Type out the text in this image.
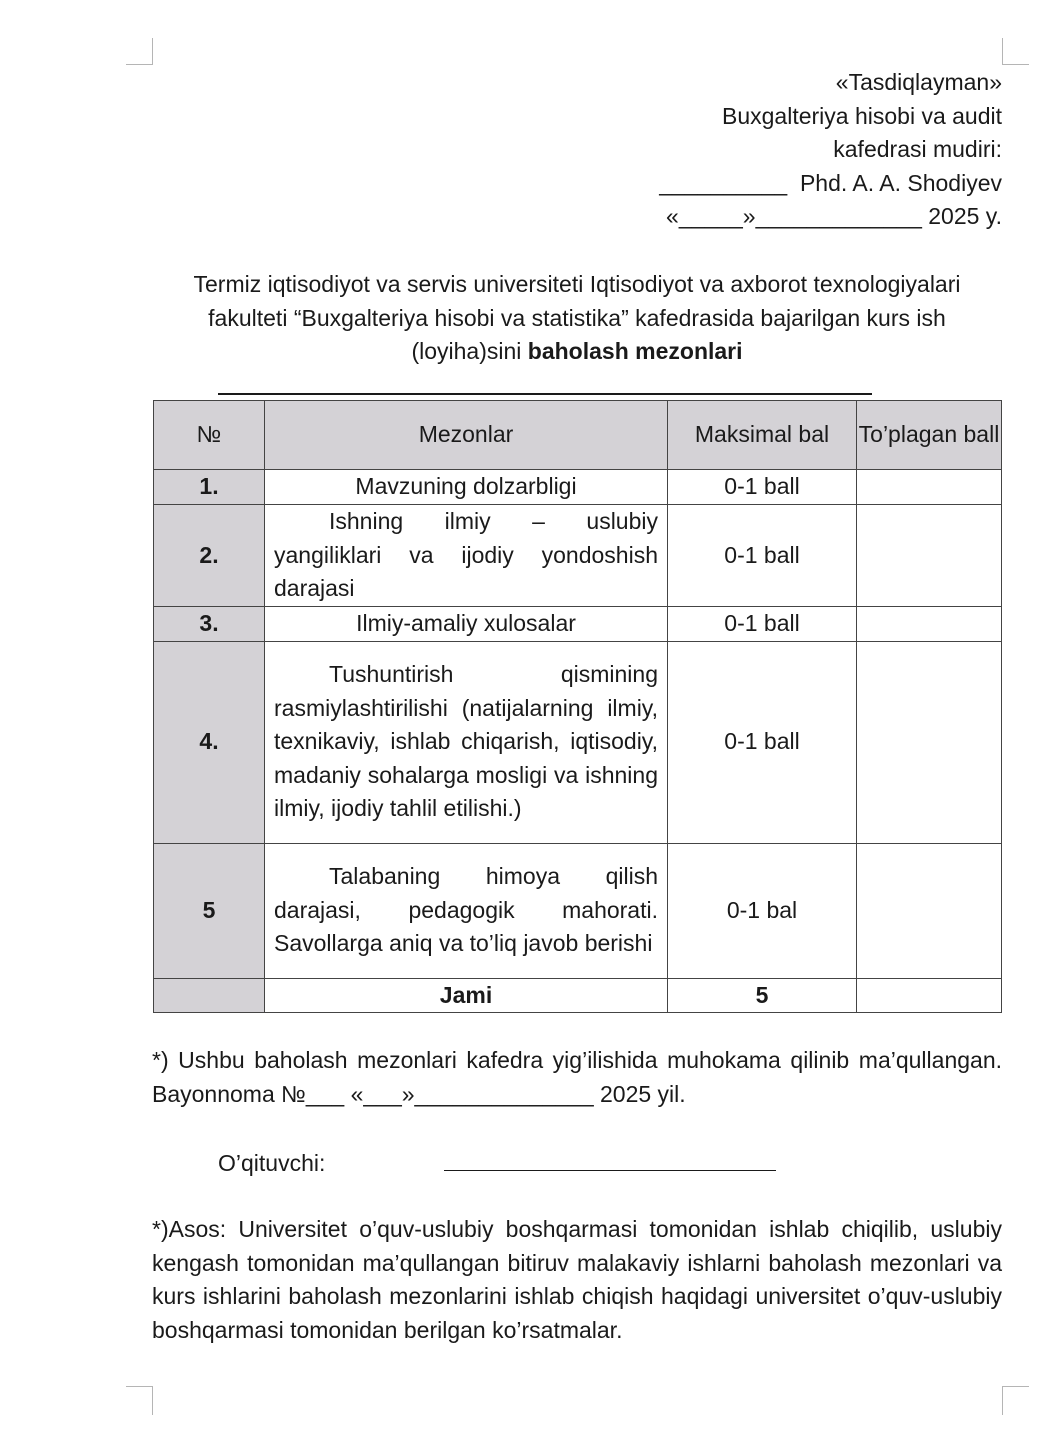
«Tasdiqlayman»
Buxgalteriya hisobi va audit
kafedrasi mudiri:
__________  Phd. A. A. Shodiyev
«_____»_____________ 2025 y.
Termiz iqtisodiyot va servis universiteti Iqtisodiyot va axborot texnologiyalari fakulteti “Buxgalteriya hisobi va statistika” kafedrasida bajarilgan kurs ish (loyiha)sini baholash mezonlari
№	Mezonlar	Maksimal bal	To’plagan ball
1.	Mavzuning dolzarbligi	0-1 ball	
2.	Ishning ilmiy – uslubiy yangiliklari va ijodiy yondoshish darajasi	0-1 ball	
3.	Ilmiy-amaliy xulosalar	0-1 ball	
4.	Tushuntirish qismining rasmiylashtirilishi (natijalarning ilmiy, texnikaviy, ishlab chiqarish, iqtisodiy, madaniy sohalarga mosligi va ishning ilmiy, ijodiy tahlil etilishi.)	0-1 ball	
5	Talabaning himoya qilish darajasi, pedagogik mahorati. Savollarga aniq va to’liq javob berishi	0-1 bal	
	Jami	5	
*) Ushbu baholash mezonlari kafedra yig’ilishida muhokama qilinib ma’qullangan. Bayonnoma №___ «___»______________ 2025 yil.
O’qituvchi:
*)Asos: Universitet o’quv-uslubiy boshqarmasi tomonidan ishlab chiqilib, uslubiy kengash tomonidan ma’qullangan bitiruv malakaviy ishlarni baholash mezonlari va kurs ishlarini baholash mezonlarini ishlab chiqish haqidagi universitet o’quv-uslubiy boshqarmasi tomonidan berilgan ko’rsatmalar.
